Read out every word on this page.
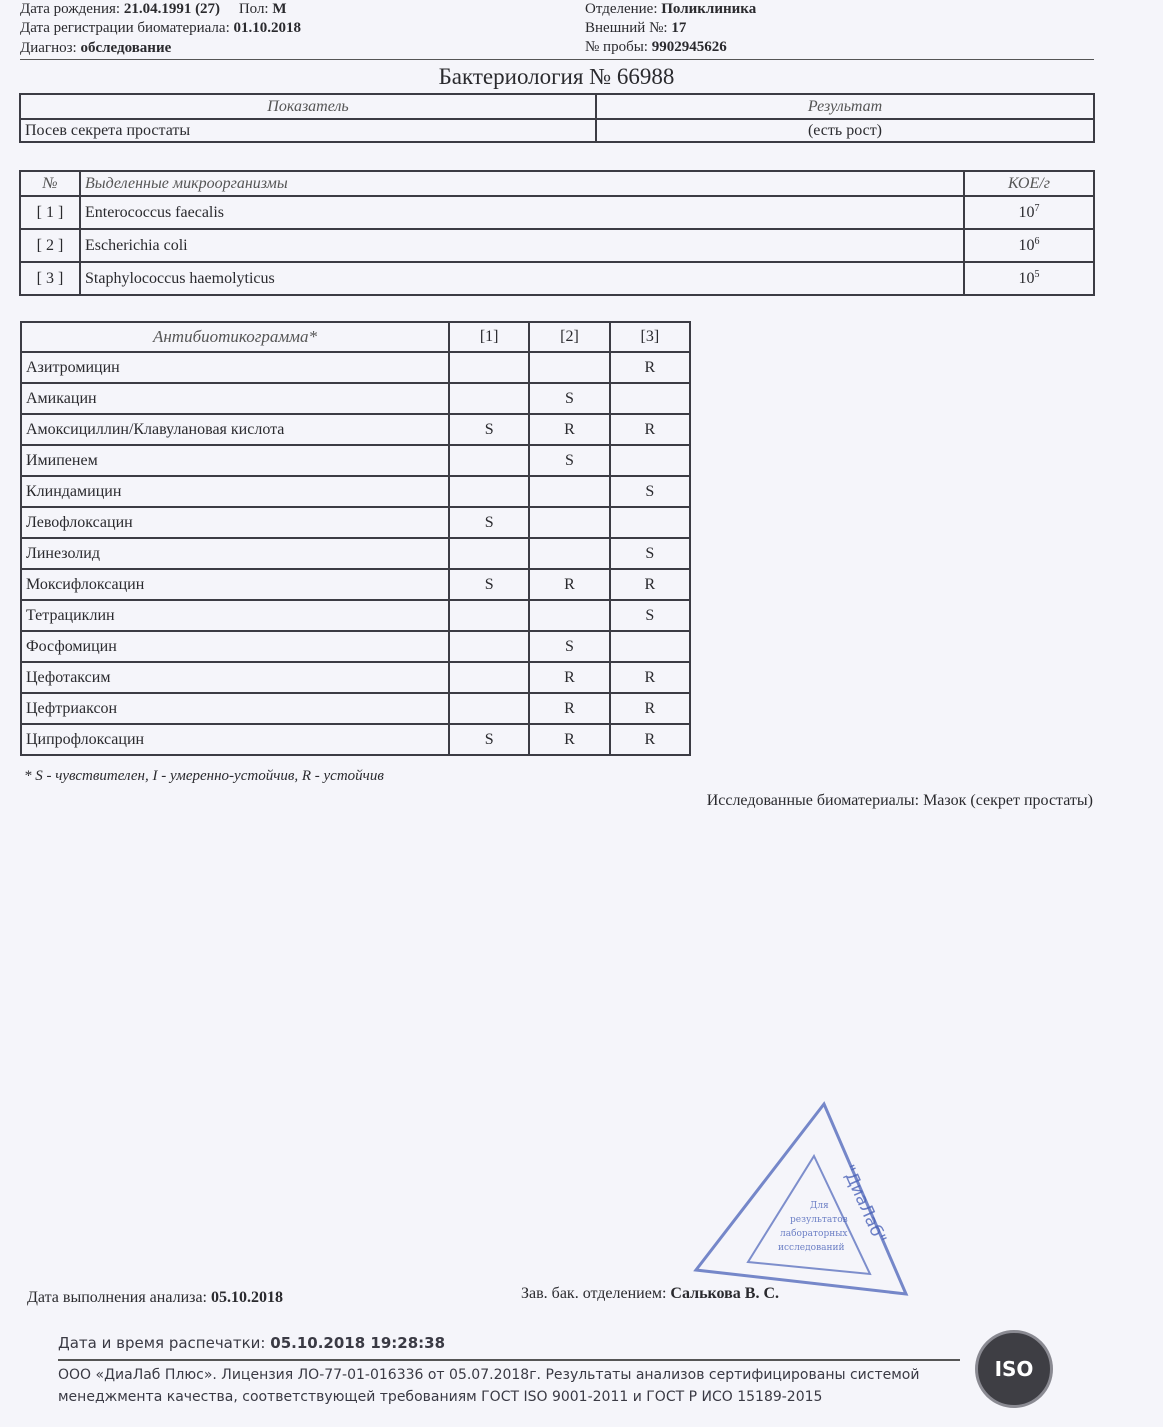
Дата рождения: 21.04.1991 (27) Пол: М
Дата регистрации биоматериала: 01.10.2018
Диагноз: обследование
Отделение: Поликлиника
Внешний №: 17
№ пробы: 9902945626
Бактериология № 66988
Показатель	Результат
Посев секрета простаты	(есть рост)
№	Выделенные микроорганизмы	КОЕ/г
[ 1 ]	Enterococcus faecalis	$10^7$
[ 2 ]	Escherichia coli	$10^6$
[ 3 ]	Staphylococcus haemolyticus	$10^5$
Антибиотикограмма*	[1]	[2]	[3]
Азитромицин			R
Амикацин		S	
Амоксициллин/Клавулановая кислота	S	R	R
Имипенем		S	
Клиндамицин			S
Левофлоксацин	S		
Линезолид			S
Моксифлоксацин	S	R	R
Тетрациклин			S
Фосфомицин		S	
Цефотаксим		R	R
Цефтриаксон		R	R
Ципрофлоксацин	S	R	R
* S - чувствителен, I - умеренно-устойчив, R - устойчив
Исследованные биоматериалы: Мазок (секрет простаты)
Дата выполнения анализа: 05.10.2018	Зав. бак. отделением: Салькова В. С.
"ДиаЛаб"
Для
результатов
лабораторных
исследований
Дата и время распечатки: 05.10.2018 19:28:38
ООО «ДиаЛаб Плюс». Лицензия ЛО-77-01-016336 от 05.07.2018г. Результаты анализов сертифицированы системой
менеджмента качества, соответствующей требованиям ГОСТ ISO 9001-2011 и ГОСТ Р ИСО 15189-2015
ISO
